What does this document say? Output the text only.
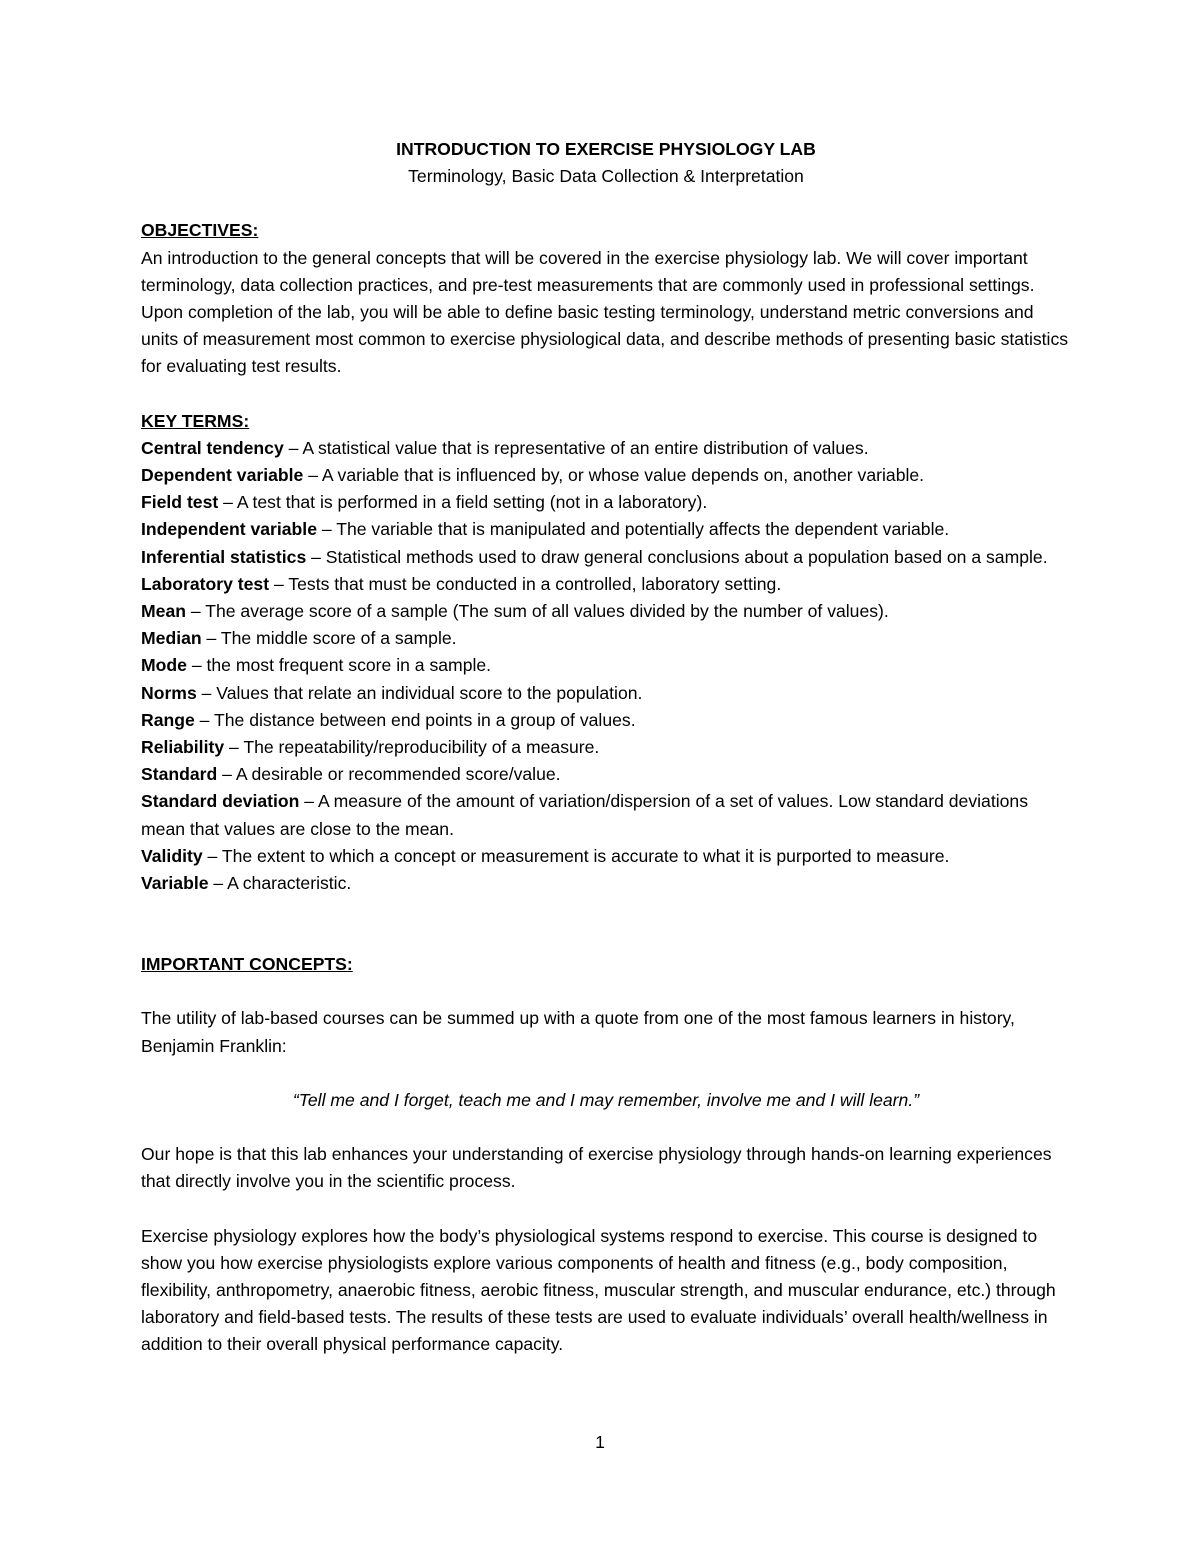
INTRODUCTION TO EXERCISE PHYSIOLOGY LAB
Terminology, Basic Data Collection & Interpretation
OBJECTIVES:

An introduction to the general concepts that will be covered in the exercise physiology lab. We will cover important terminology, data collection practices, and pre-test measurements that are commonly used in professional settings. Upon completion of the lab, you will be able to define basic testing terminology, understand metric conversions and units of measurement most common to exercise physiological data, and describe methods of presenting basic statistics for evaluating test results.

KEY TERMS:
Central tendency – A statistical value that is representative of an entire distribution of values.
Dependent variable – A variable that is influenced by, or whose value depends on, another variable.
Field test – A test that is performed in a field setting (not in a laboratory).
Independent variable – The variable that is manipulated and potentially affects the dependent variable.
Inferential statistics – Statistical methods used to draw general conclusions about a population based on a sample.
Laboratory test – Tests that must be conducted in a controlled, laboratory setting.
Mean – The average score of a sample (The sum of all values divided by the number of values).
Median – The middle score of a sample.
Mode – the most frequent score in a sample.
Norms – Values that relate an individual score to the population.
Range – The distance between end points in a group of values.
Reliability – The repeatability/reproducibility of a measure.
Standard – A desirable or recommended score/value.
Standard deviation – A measure of the amount of variation/dispersion of a set of values. Low standard deviations mean that values are close to the mean.
Validity – The extent to which a concept or measurement is accurate to what it is purported to measure.
Variable – A characteristic.
IMPORTANT CONCEPTS:

The utility of lab-based courses can be summed up with a quote from one of the most famous learners in history, Benjamin Franklin:

“Tell me and I forget, teach me and I may remember, involve me and I will learn.”

Our hope is that this lab enhances your understanding of exercise physiology through hands-on learning experiences that directly involve you in the scientific process.

Exercise physiology explores how the body’s physiological systems respond to exercise. This course is designed to show you how exercise physiologists explore various components of health and fitness (e.g., body composition, flexibility, anthropometry, anaerobic fitness, aerobic fitness, muscular strength, and muscular endurance, etc.) through laboratory and field-based tests. The results of these tests are used to evaluate individuals’ overall health/wellness in addition to their overall physical performance capacity.

1
